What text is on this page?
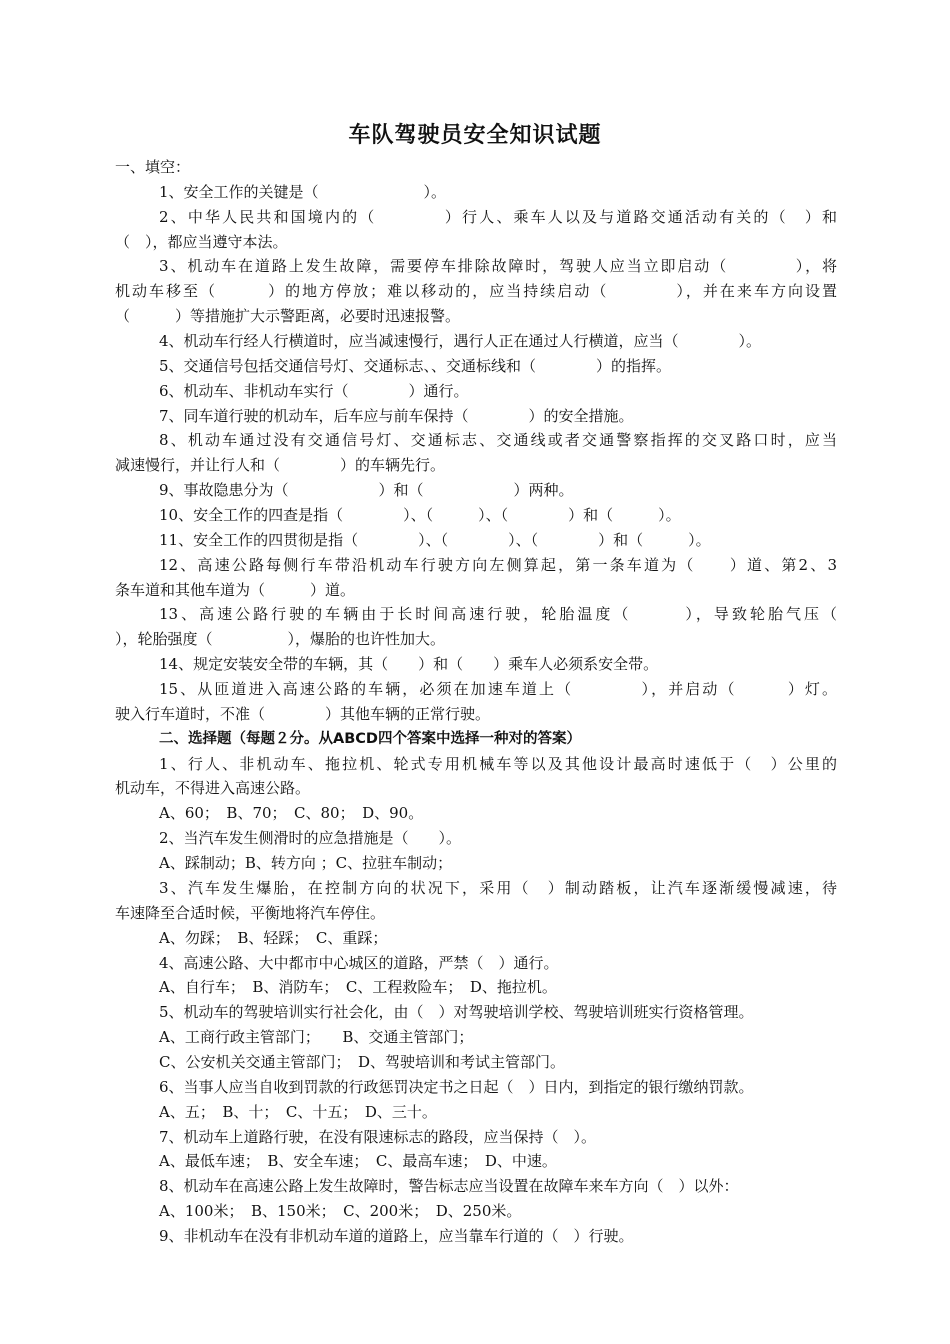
车队驾驶员安全知识试题
一、填空：
1、安全工作的关键是（　　　　　　　）。
2、中华人民共和国境内的（　　　　）行人、乘车人以及与道路交通活动有关的（　）和
（　），都应当遵守本法。
3、机动车在道路上发生故障，需要停车排除故障时，驾驶人应当立即启动（　　　　），将
机动车移至（　　　）的地方停放；难以移动的，应当持续启动（　　　　），并在来车方向设置
（　　　）等措施扩大示警距离，必要时迅速报警。
4、机动车行经人行横道时，应当减速慢行，遇行人正在通过人行横道，应当（　　　　）。
5、交通信号包括交通信号灯、交通标志、、交通标线和（　　　　）的指挥。
6、机动车、非机动车实行（　　　　）通行。
7、同车道行驶的机动车，后车应与前车保持（　　　　）的安全措施。
8、机动车通过没有交通信号灯、交通标志、交通线或者交通警察指挥的交叉路口时，应当
减速慢行，并让行人和（　　　　）的车辆先行。
9、事故隐患分为（　　　　　　）和（　　　　　　）两种。
10、安全工作的四查是指（　　　　）、（　　　）、（　　　　）和（　　　）。
11、安全工作的四贯彻是指（　　　　）、（　　　　）、（　　　　）和（　　　）。
12、高速公路每侧行车带沿机动车行驶方向左侧算起，第一条车道为（　　）道、第2、3
条车道和其他车道为（　　　）道。
13、高速公路行驶的车辆由于长时间高速行驶，轮胎温度（　　　），导致轮胎气压（
），轮胎强度（　　　　　），爆胎的也许性加大。
14、规定安装安全带的车辆，其（　　）和（　　）乘车人必须系安全带。
15、从匝道进入高速公路的车辆，必须在加速车道上（　　　　），并启动（　　　）灯。
驶入行车道时，不准（　　　　）其他车辆的正常行驶。
二、选择题（每题２分。从ABCD四个答案中选择一种对的答案）
1、行人、非机动车、拖拉机、轮式专用机械车等以及其他设计最高时速低于（　）公里的
机动车，不得进入高速公路。
A、60；　B、70；　C、80；　D、90。
2、当汽车发生侧滑时的应急措施是（　　）。
A、踩制动；B、转方向 ；C、拉驻车制动；
3、汽车发生爆胎，在控制方向的状况下，采用（　）制动踏板，让汽车逐渐缓慢减速，待
车速降至合适时候，平衡地将汽车停住。
A、勿踩；　B、轻踩；　C、重踩；
4、高速公路、大中都市中心城区的道路，严禁（　）通行。
A、自行车；　B、消防车；　C、工程救险车；　D、拖拉机。
5、机动车的驾驶培训实行社会化，由（　）对驾驶培训学校、驾驶培训班实行资格管理。
A、工商行政主管部门；　　B、交通主管部门；
C、公安机关交通主管部门；　D、驾驶培训和考试主管部门。
6、当事人应当自收到罚款的行政惩罚决定书之日起（　）日内，到指定的银行缴纳罚款。
A、五；　B、十；　C、十五；　D、三十。
7、机动车上道路行驶，在没有限速标志的路段，应当保持（　）。
A、最低车速；　B、安全车速；　C、最高车速；　D、中速。
8、机动车在高速公路上发生故障时，警告标志应当设置在故障车来车方向（　）以外：
A、100米；　B、150米；　C、200米；　D、250米。
9、非机动车在没有非机动车道的道路上，应当靠车行道的（　）行驶。
